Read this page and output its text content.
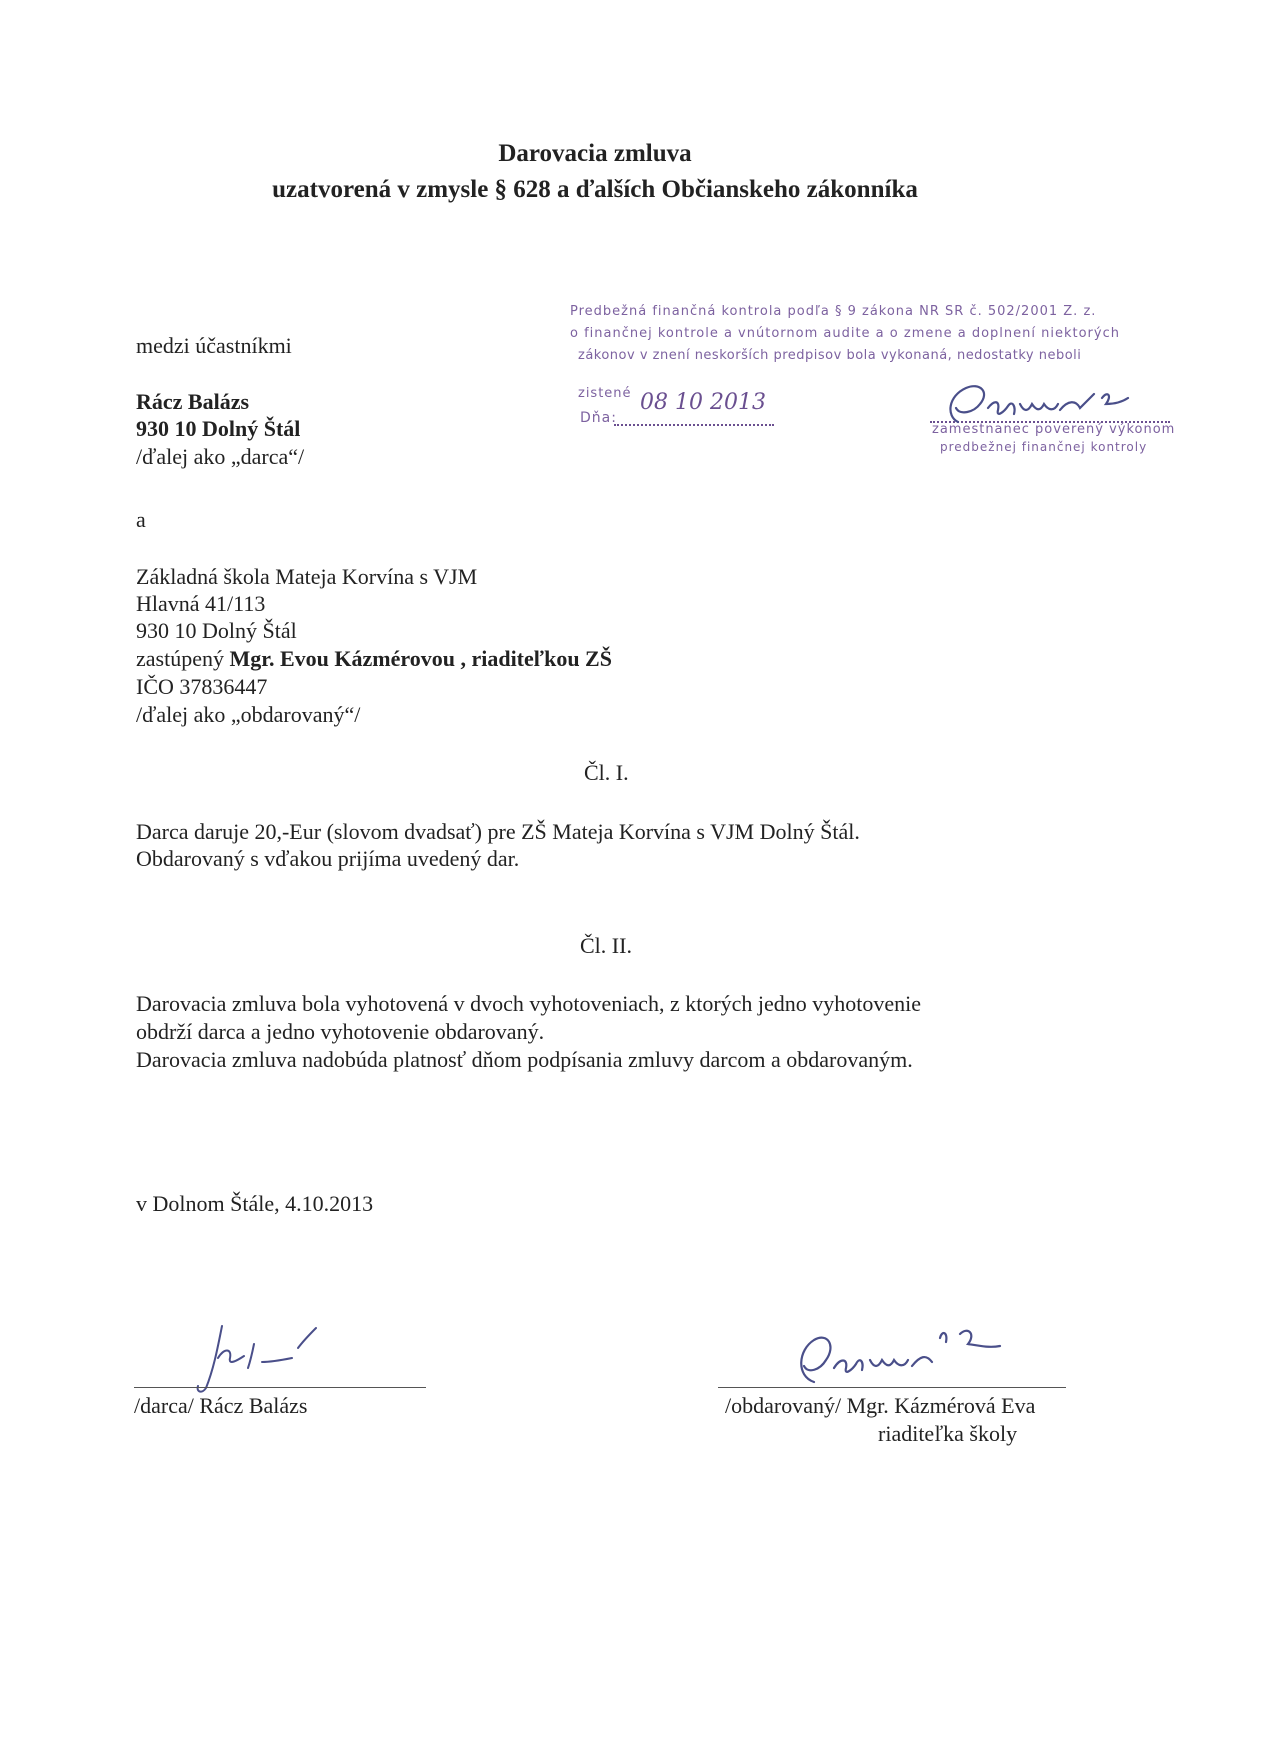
Darovacia zmluva
uzatvorená v zmysle § 628 a ďalších Občianskeho zákonníka
medzi účastníkmi
Rácz Balázs
930 10 Dolný Štál
/ďalej ako „darca“/
Predbežná finančná kontrola podľa § 9 zákona NR SR č. 502/2001 Z. z.
o finančnej kontrole a vnútornom audite a o zmene a doplnení niektorých
zákonov v znení neskorších predpisov bola vykonaná, nedostatky neboli
zistené
Dňa:
08 10 2013
zamestnanec poverený výkonom
predbežnej finančnej kontroly
a
Základná škola Mateja Korvína s VJM
Hlavná 41/113
930 10 Dolný Štál
zastúpený Mgr. Evou Kázmérovou , riaditeľkou ZŠ
IČO 37836447
/ďalej ako „obdarovaný“/
Čl. I.
Darca daruje 20,-Eur (slovom dvadsať) pre ZŠ Mateja Korvína s VJM Dolný Štál.
Obdarovaný s vďakou prijíma uvedený dar.
Čl. II.
Darovacia zmluva bola vyhotovená v dvoch vyhotoveniach, z ktorých jedno vyhotovenie
obdrží darca a jedno vyhotovenie obdarovaný.
Darovacia zmluva nadobúda platnosť dňom podpísania zmluvy darcom a obdarovaným.
v Dolnom Štále, 4.10.2013
/darca/ Rácz Balázs	/obdarovaný/ Mgr. Kázmérová Eva
riaditeľka školy
